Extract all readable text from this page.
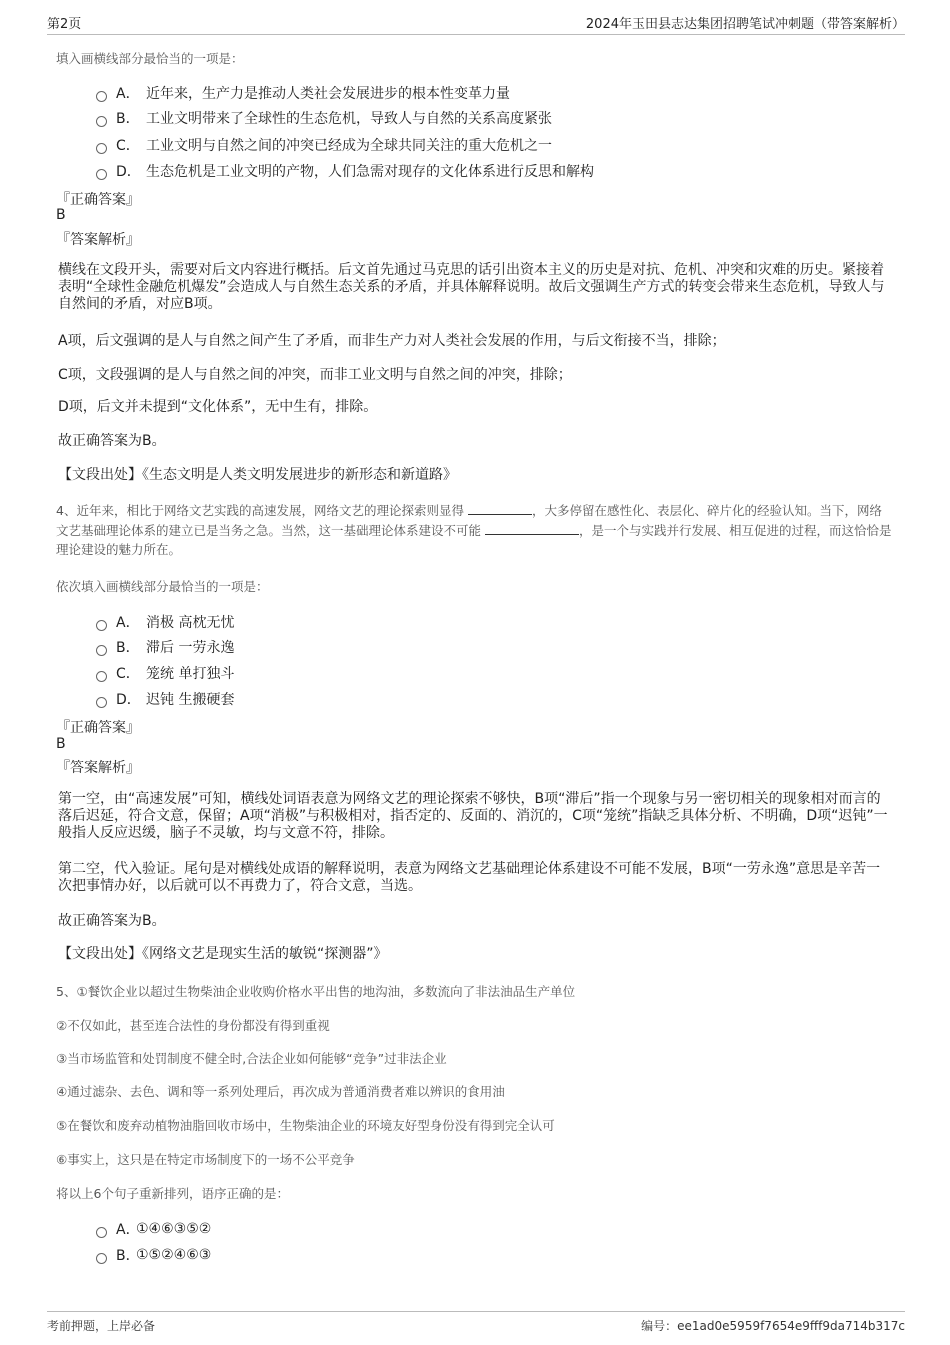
第2页	2024年玉田县志达集团招聘笔试冲刺题（带答案解析）
填入画横线部分最恰当的一项是：
A． 近年来，生产力是推动人类社会发展进步的根本性变革力量
B． 工业文明带来了全球性的生态危机，导致人与自然的关系高度紧张
C． 工业文明与自然之间的冲突已经成为全球共同关注的重大危机之一
D． 生态危机是工业文明的产物，人们急需对现存的文化体系进行反思和解构
『正确答案』
B
『答案解析』
横线在文段开头，需要对后文内容进行概括。后文首先通过马克思的话引出资本主义的历史是对抗、危机、冲突和灾难的历史。紧接着表明“全球性金融危机爆发”会造成人与自然生态关系的矛盾，并具体解释说明。故后文强调生产方式的转变会带来生态危机，导致人与自然间的矛盾，对应B项。
A项，后文强调的是人与自然之间产生了矛盾，而非生产力对人类社会发展的作用，与后文衔接不当，排除；
C项，文段强调的是人与自然之间的冲突，而非工业文明与自然之间的冲突，排除；
D项，后文并未提到“文化体系”，无中生有，排除。
故正确答案为B。
【文段出处】《生态文明是人类文明发展进步的新形态和新道路》
4、近年来，相比于网络文艺实践的高速发展，网络文艺的理论探索则显得	，大多停留在感性化、表层化、碎片化的经验认知。当下，网络文艺基础理论体系的建立已是当务之急。当然，这一基础理论体系建设不可能	，是一个与实践并行发展、相互促进的过程，而这恰恰是理论建设的魅力所在。
依次填入画横线部分最恰当的一项是：
A． 消极 高枕无忧
B． 滞后 一劳永逸
C． 笼统 单打独斗
D． 迟钝 生搬硬套
『正确答案』
B
『答案解析』
第一空，由“高速发展”可知，横线处词语表意为网络文艺的理论探索不够快，B项“滞后”指一个现象与另一密切相关的现象相对而言的落后迟延，符合文意，保留；A项“消极”与积极相对，指否定的、反面的、消沉的，C项“笼统”指缺乏具体分析、不明确，D项“迟钝”一般指人反应迟缓，脑子不灵敏，均与文意不符，排除。
第二空，代入验证。尾句是对横线处成语的解释说明，表意为网络文艺基础理论体系建设不可能不发展，B项“一劳永逸”意思是辛苦一次把事情办好，以后就可以不再费力了，符合文意，当选。
故正确答案为B。
【文段出处】《网络文艺是现实生活的敏锐“探测器”》
5、①餐饮企业以超过生物柴油企业收购价格水平出售的地沟油，多数流向了非法油品生产单位
②不仅如此，甚至连合法性的身份都没有得到重视
③当市场监管和处罚制度不健全时,合法企业如何能够“竞争”过非法企业
④通过滤杂、去色、调和等一系列处理后，再次成为普通消费者难以辨识的食用油
⑤在餐饮和废弃动植物油脂回收市场中，生物柴油企业的环境友好型身份没有得到完全认可
⑥事实上，这只是在特定市场制度下的一场不公平竞争
将以上6个句子重新排列，语序正确的是：
A．
①④⑥③⑤②
B．
①⑤②④⑥③
考前押题，上岸必备	编号：ee1ad0e5959f7654e9fff9da714b317c
